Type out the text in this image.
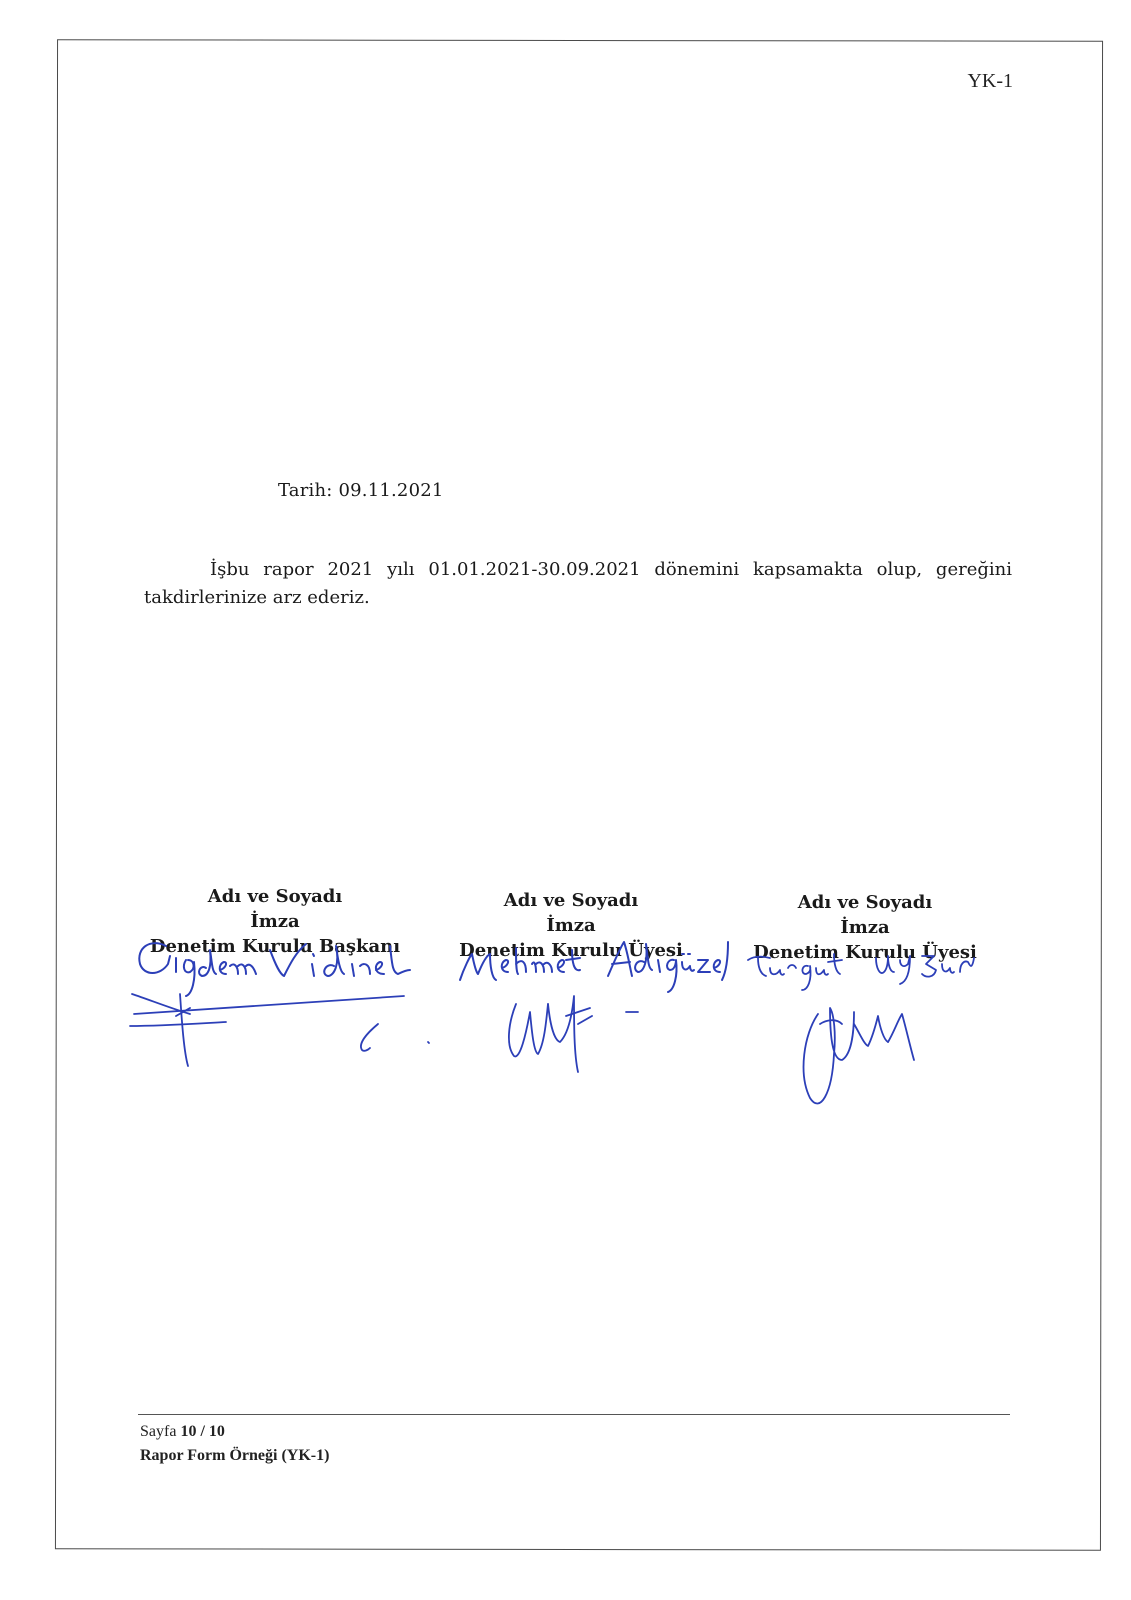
YK-1
Tarih: 09.11.2021
İşbu rapor 2021 yılı 01.01.2021-30.09.2021 dönemini kapsamakta olup, gereğini takdirlerinize arz ederiz.
Adı ve Soyadı
İmza
Denetim Kurulu Başkanı
Adı ve Soyadı
İmza
Denetim Kurulu Üyesi
Adı ve Soyadı
İmza
Denetim Kurulu Üyesi
Sayfa 10 / 10
Rapor Form Örneği (YK-1)
